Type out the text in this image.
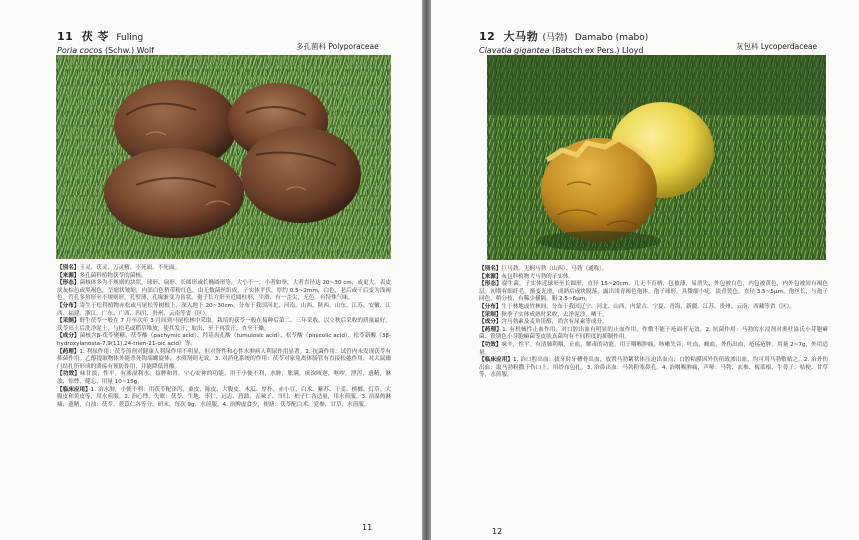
11 茯 苓 Fuling
Poria cocos (Schw.) Wolf	多孔菌科 Polyporaceae

【别名】玉灵、茯灵、万灵精、不死面、不死面。

【来源】多孔菌科植物茯苓的菌核。

【形态】菌核体多为不规则的块状，球形、扁形、长圆形或长椭圆形等，大小不一，小者如拳，大者直径达 20~30 cm，或更大。表皮淡灰棕色或黑褐色，呈瘤状皱缩，内部白色稍带粉红色，由无数菌丝组成。子实体平伏，厚约 0.5~2mm，白色，老后或干后变为浅褐色。管孔多角形至不规则形，孔壁薄，孔缘渐变为齿状。孢子长方形至近圆柱形，平滑，有一歪尖，无色。有特殊气味。

【分布】寄生于松科植物赤松或马尾松等树根上，深入地下 20~30cm。分布于我国河北、河南、山西、陕西、山东、江苏、安徽、江西、福建、浙江、广东、广西、四川、贵州、云南等省（区）。

【采制】野生茯苓一般在 7 月至次年 3 月间到马尾松林中采取。栽培的茯苓一般在接种后第二、三年采收，以立秋后采收的质量最好。茯苓出土后洗净泥土，与松毛或稻草堆放，使其发汗，取出，至干再发汗，直至干燥。

【成分】菌核含β-茯苓聚糖、茯苓酸（pachymic acid）、羟基齿孔酸（tumulosic acid）、松苓酸（pinicolic acid）、松苓新酸（3β-hydroxylanosta-7,9(11),24-trien-21-oic acid）等。

【药理】1. 利尿作用：茯苓煎剂对健康人利尿作用不明显，但对肾性和心性水肿病人利尿作用显著。2. 抗菌作用：试管内未发现茯苓有抑菌作用。乙醇提取物体外能杀死钩端螺旋体，水煎剂则无效。3. 对消化系统的作用：茯苓对家兔离体肠管有直接松弛作用，对大鼠幽门结扎所形成的溃疡有预防作用，并能降低胃酸。

【功效】味甘淡，性平。有渗湿利水、益脾和胃、宁心安神的功能。用于小便不利，水肿，胀满，痰饮咳逆，呕哕，泄泻，遗精，淋浊，惊悸，健忘。用量 10~15g。

【临床应用】1. 治水肿，小便不利：用茯苓配泽泻、桑皮、陈皮、大腹皮、木瓜、厚朴、赤小豆、白术、紫苏、干姜、槟榔、灯草。大腹皮和黄皮等，用水煎服。2. 治心悸、失眠：茯苓、生地、枣仁、远志、菖蒲、五味子、当归、柏子仁各适量，用水煎服。3. 治湿热淋痛，遗精，白浊：茯苓、薏苡仁各等分，研末，每次 9g，水煎服。4. 治脾虚食少，便溏：茯苓配白术、党参、甘草，水煎服。

11
12 大马勃 (马勃) Damabo (mabo)
Clavatia gigantea (Batsch ex Pers.) Lloyd	灰包科 Lycoperdaceae

【别名】巨马勃、无柄马勃（山西）、马勃（通称）。

【来源】灰包科植物大马勃的子实体。

【形态】腐生菌。子实体近球形至长圆形，直径 15~20cm，几无不育柄，包被薄，易消失，外包被白色，内包被黄色，内外包被间有褐色层。初期有细纤毛，渐变光滑，成熟后成块脱落，露出浅青褐色孢体。孢子球形，具微细小疣，淡青黄色，直径 3.5~5μm。孢丝长，与孢子同色，稍分枝，有稀少横隔，粗 2.5~6μm。

【分布】生于林地或竹林间，分布于我国辽宁、河北、山西、内蒙古、宁夏、青海、新疆、江苏、贵州、云南、西藏等省（区）。

【采制】秋季子实体成熟时采收，去净泥沙，晒干。

【成分】含马勃素及麦角甾醇，尚含有尿素等成分。

【药理】1. 有机械性止血作用：对口腔出血有明显的止血作用，作敷不能于疮面者无效。2. 抗菌作用：马勃的水浸剂对奥杜盎氏小芽胞癣菌、铁锈色小芽胞癣菌等皮肤真菌均有不同程度的抑制作用。

【功效】味辛，性平。有清肺利咽，止血，解毒的功能。用于咽喉肿痛，咳嗽失音，吐血，衄血，外伤出血，疮疡疮肿。用量 2~7g，外用适量。

【临床应用】1. 治口腔出血：拔牙时牙槽骨出血，放置马勃絮状体压迫出血点；口腔粘膜因外伤所致渗出血，均可用马勃敷贴之。2. 治外伤出血：取马勃粉撒于伤口上，用纱布包扎。3. 治鼻出血：马勃粉塞鼻孔。4. 治咽喉肿痛，声哑：马勃、玄参、板蓝根、牛蒡子、桔梗、甘草等，水煎服。

12
